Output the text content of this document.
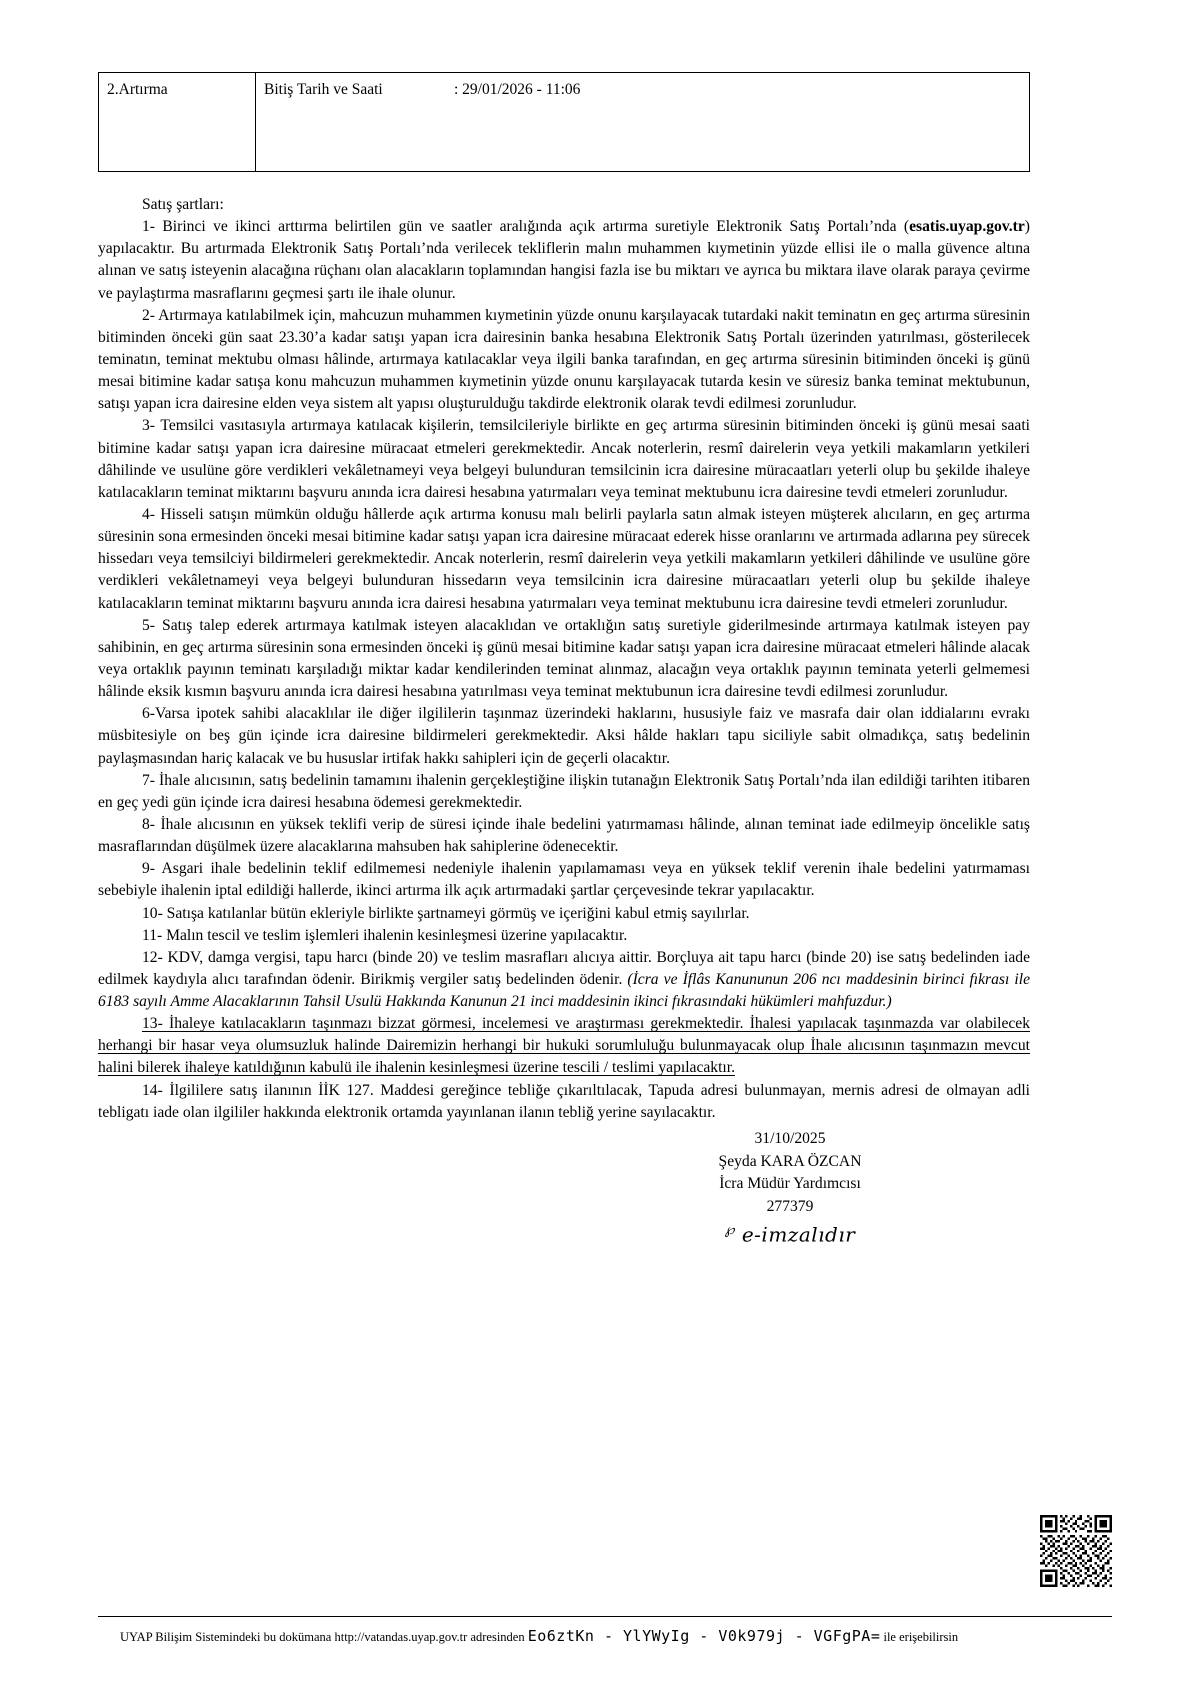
2.Artırma	Bitiş Tarih ve Saati	: 29/01/2026 - 11:06

Satış şartları:

1- Birinci ve ikinci arttırma belirtilen gün ve saatler aralığında açık artırma suretiyle Elektronik Satış Portalı’nda (esatis.uyap.gov.tr) yapılacaktır. Bu artırmada Elektronik Satış Portalı’nda verilecek tekliflerin malın muhammen kıymetinin yüzde ellisi ile o malla güvence altına alınan ve satış isteyenin alacağına rüçhanı olan alacakların toplamından hangisi fazla ise bu miktarı ve ayrıca bu miktara ilave olarak paraya çevirme ve paylaştırma masraflarını geçmesi şartı ile ihale olunur.

2- Artırmaya katılabilmek için, mahcuzun muhammen kıymetinin yüzde onunu karşılayacak tutardaki nakit teminatın en geç artırma süresinin bitiminden önceki gün saat 23.30’a kadar satışı yapan icra dairesinin banka hesabına Elektronik Satış Portalı üzerinden yatırılması, gösterilecek teminatın, teminat mektubu olması hâlinde, artırmaya katılacaklar veya ilgili banka tarafından, en geç artırma süresinin bitiminden önceki iş günü mesai bitimine kadar satışa konu mahcuzun muhammen kıymetinin yüzde onunu karşılayacak tutarda kesin ve süresiz banka teminat mektubunun, satışı yapan icra dairesine elden veya sistem alt yapısı oluşturulduğu takdirde elektronik olarak tevdi edilmesi zorunludur.

3- Temsilci vasıtasıyla artırmaya katılacak kişilerin, temsilcileriyle birlikte en geç artırma süresinin bitiminden önceki iş günü mesai saati bitimine kadar satışı yapan icra dairesine müracaat etmeleri gerekmektedir. Ancak noterlerin, resmî dairelerin veya yetkili makamların yetkileri dâhilinde ve usulüne göre verdikleri vekâletnameyi veya belgeyi bulunduran temsilcinin icra dairesine müracaatları yeterli olup bu şekilde ihaleye katılacakların teminat miktarını başvuru anında icra dairesi hesabına yatırmaları veya teminat mektubunu icra dairesine tevdi etmeleri zorunludur.

4- Hisseli satışın mümkün olduğu hâllerde açık artırma konusu malı belirli paylarla satın almak isteyen müşterek alıcıların, en geç artırma süresinin sona ermesinden önceki mesai bitimine kadar satışı yapan icra dairesine müracaat ederek hisse oranlarını ve artırmada adlarına pey sürecek hissedarı veya temsilciyi bildirmeleri gerekmektedir. Ancak noterlerin, resmî dairelerin veya yetkili makamların yetkileri dâhilinde ve usulüne göre verdikleri vekâletnameyi veya belgeyi bulunduran hissedarın veya temsilcinin icra dairesine müracaatları yeterli olup bu şekilde ihaleye katılacakların teminat miktarını başvuru anında icra dairesi hesabına yatırmaları veya teminat mektubunu icra dairesine tevdi etmeleri zorunludur.

5- Satış talep ederek artırmaya katılmak isteyen alacaklıdan ve ortaklığın satış suretiyle giderilmesinde artırmaya katılmak isteyen pay sahibinin, en geç artırma süresinin sona ermesinden önceki iş günü mesai bitimine kadar satışı yapan icra dairesine müracaat etmeleri hâlinde alacak veya ortaklık payının teminatı karşıladığı miktar kadar kendilerinden teminat alınmaz, alacağın veya ortaklık payının teminata yeterli gelmemesi hâlinde eksik kısmın başvuru anında icra dairesi hesabına yatırılması veya teminat mektubunun icra dairesine tevdi edilmesi zorunludur.

6-Varsa ipotek sahibi alacaklılar ile diğer ilgililerin taşınmaz üzerindeki haklarını, hususiyle faiz ve masrafa dair olan iddialarını evrakı müsbitesiyle on beş gün içinde icra dairesine bildirmeleri gerekmektedir. Aksi hâlde hakları tapu siciliyle sabit olmadıkça, satış bedelinin paylaşmasından hariç kalacak ve bu hususlar irtifak hakkı sahipleri için de geçerli olacaktır.

7- İhale alıcısının, satış bedelinin tamamını ihalenin gerçekleştiğine ilişkin tutanağın Elektronik Satış Portalı’nda ilan edildiği tarihten itibaren en geç yedi gün içinde icra dairesi hesabına ödemesi gerekmektedir.

8- İhale alıcısının en yüksek teklifi verip de süresi içinde ihale bedelini yatırmaması hâlinde, alınan teminat iade edilmeyip öncelikle satış masraflarından düşülmek üzere alacaklarına mahsuben hak sahiplerine ödenecektir.

9- Asgari ihale bedelinin teklif edilmemesi nedeniyle ihalenin yapılamaması veya en yüksek teklif verenin ihale bedelini yatırmaması sebebiyle ihalenin iptal edildiği hallerde, ikinci artırma ilk açık artırmadaki şartlar çerçevesinde tekrar yapılacaktır.

10- Satışa katılanlar bütün ekleriyle birlikte şartnameyi görmüş ve içeriğini kabul etmiş sayılırlar.

11- Malın tescil ve teslim işlemleri ihalenin kesinleşmesi üzerine yapılacaktır.

12- KDV, damga vergisi, tapu harcı (binde 20) ve teslim masrafları alıcıya aittir. Borçluya ait tapu harcı (binde 20) ise satış bedelinden iade edilmek kaydıyla alıcı tarafından ödenir. Birikmiş vergiler satış bedelinden ödenir. (İcra ve İflâs Kanununun 206 ncı maddesinin birinci fıkrası ile 6183 sayılı Amme Alacaklarının Tahsil Usulü Hakkında Kanunun 21 inci maddesinin ikinci fıkrasındaki hükümleri mahfuzdur.)

13- İhaleye katılacakların taşınmazı bizzat görmesi, incelemesi ve araştırması gerekmektedir. İhalesi yapılacak taşınmazda var olabilecek herhangi bir hasar veya olumsuzluk halinde Dairemizin herhangi bir hukuki sorumluluğu bulunmayacak olup İhale alıcısının taşınmazın mevcut halini bilerek ihaleye katıldığının kabulü ile ihalenin kesinleşmesi üzerine tescili / teslimi yapılacaktır.

14- İlgililere satış ilanının İİK 127. Maddesi gereğince tebliğe çıkarıltılacak, Tapuda adresi bulunmayan, mernis adresi de olmayan adli tebligatı iade olan ilgililer hakkında elektronik ortamda yayınlanan ilanın tebliğ yerine sayılacaktır.

31/10/2025
Şeyda KARA ÖZCAN
İcra Müdür Yardımcısı
277379
℘ e-imzalıdır
UYAP Bilişim Sistemindeki bu dokümana http://vatandas.uyap.gov.tr adresinden Eo6ztKn - YlYWyIg - V0k979j - VGFgPA= ile erişebilirsin
